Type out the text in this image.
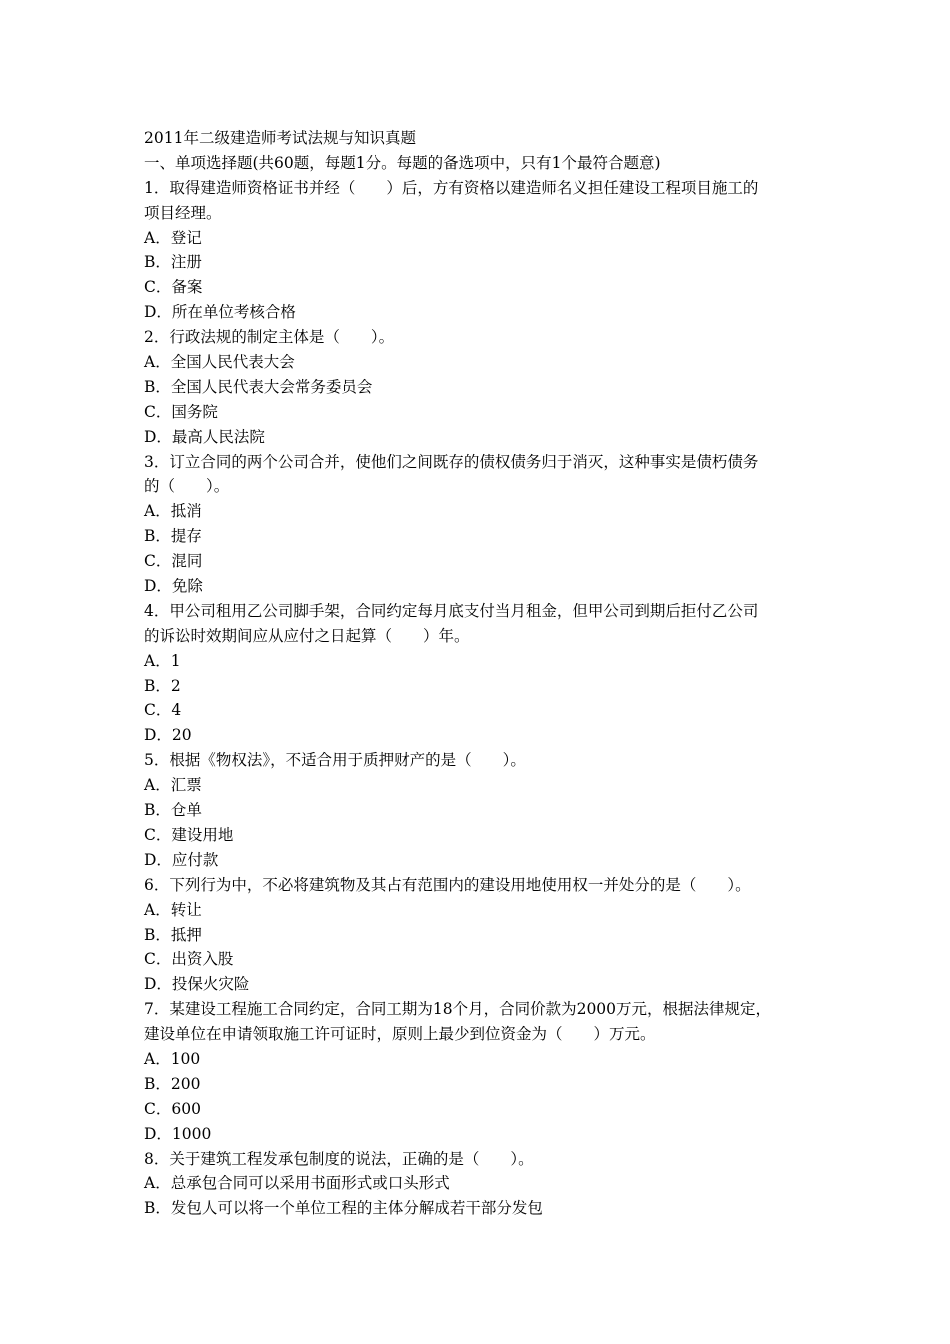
2011年二级建造师考试法规与知识真题

一、单项选择题(共60题，每题1分。每题的备选项中，只有1个最符合题意)

1．取得建造师资格证书并经（　　）后，方有资格以建造师名义担任建设工程项目施工的

项目经理。

A．登记

B．注册

C．备案

D．所在单位考核合格

2．行政法规的制定主体是（　　）。

A．全国人民代表大会

B．全国人民代表大会常务委员会

C．国务院

D．最高人民法院

3．订立合同的两个公司合并，使他们之间既存的债权债务归于消灭，这种事实是债朽债务

的（　　）。

A．抵消

B．提存

C．混同

D．免除

4．甲公司租用乙公司脚手架，合同约定每月底支付当月租金，但甲公司到期后拒付乙公司

的诉讼时效期间应从应付之日起算（　　）年。

A．1

B．2

C．4

D．20

5．根据《物权法》，不适合用于质押财产的是（　　）。

A．汇票

B．仓单

C．建设用地

D．应付款

6．下列行为中，不必将建筑物及其占有范围内的建设用地使用权一并处分的是（　　）。

A．转让

B．抵押

C．出资入股

D．投保火灾险

7．某建设工程施工合同约定，合同工期为18个月，合同价款为2000万元，根据法律规定，

建设单位在申请领取施工许可证时，原则上最少到位资金为（　　）万元。

A．100

B．200

C．600

D．1000

8．关于建筑工程发承包制度的说法，正确的是（　　）。

A．总承包合同可以采用书面形式或口头形式

B．发包人可以将一个单位工程的主体分解成若干部分发包
